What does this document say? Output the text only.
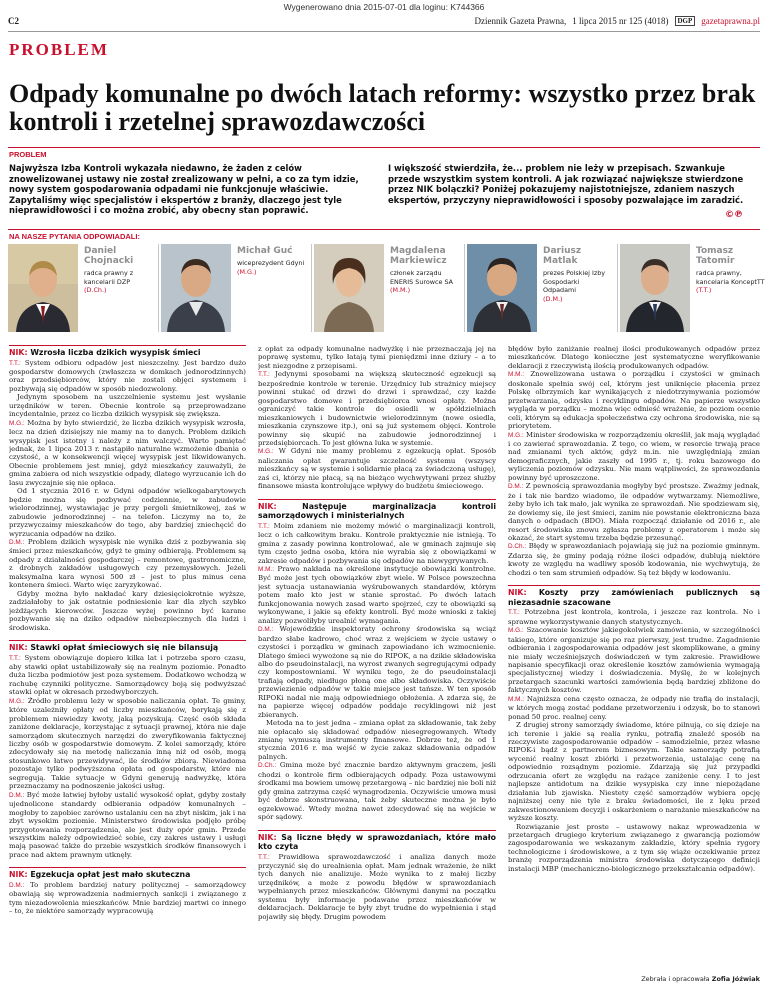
Wygenerowano dnia 2015-07-01 dla loginu: K744366
C2	Dziennik Gazeta Prawna, 1 lipca 2015 nr 125 (4018)	DGP	gazetaprawna.pl
PROBLEM
Odpady komunalne po dwóch latach reformy: wszystko przez brak kontroli i rzetelnej sprawozdawczości
PROBLEM

Najwyższa Izba Kontroli wykazała niedawno, że żaden z celów znowelizowanej ustawy nie został zrealizowany w pełni, a co za tym idzie, nowy system gospodarowania odpadami nie funkcjonuje właściwie. Zapytaliśmy więc specjalistów i ekspertów z branży, dlaczego jest tyle nieprawidłowości i co można zrobić, aby obecny stan poprawić.

I większość stwierdziła, że... problem nie leży w przepisach. Szwankuje przede wszystkim system kontroli. A jak rozwiązać największe stwierdzone przez NIK bolączki? Poniżej pokazujemy najistotniejsze, zdaniem naszych ekspertów, przyczyny nieprawidłowości i sposoby pozwalające im zaradzić.

©℗
NA NASZE PYTANIA ODPOWIADALI:
Daniel
Chojnacki
radca prawny z kancelarii DZP
(D.Ch.)
Michał Guć
wiceprezydent Gdyni
(M.G.)
Magdalena
Markiewicz
członek zarządu ENERIS Surowce SA
(M.M.)
Dariusz
Matlak
prezes Polskiej Izby Gospodarki Odpadami
(D.M.)
Tomasz Tatomir
radca prawny, kancelaria KonceptTT
(T.T.)
NIK: Wzrosła liczba dzikich wysypisk śmieci

T.T.: System odbioru odpadów jest nieszczelny. Jest bardzo dużo gospodarstw domowych (zwłaszcza w domkach jednorodzinnych) oraz przedsiębiorców, który nie zostali objęci systemem i pozbywają się odpadów w sposób niedozwolony.

Jedynym sposobem na uszczelnienie systemu jest wysłanie urzędników w teren. Obecnie kontrole są przeprowadzane incydentalnie, przez co liczba dzikich wysypisk się zwiększa.

M.G.: Można by było stwierdzić, że liczba dzikich wysypisk wzrosła, lecz na dzień dzisiejszy nie mamy na to danych. Problem dzikich wysypisk jest istotny i należy z nim walczyć. Warto pamiętać jednak, że 1 lipca 2013 r. nastąpiło naturalne wzmożenie dbania o czystość, a w konsekwencji więcej wysypisk jest likwidowanych. Obecnie problemem jest mniej, gdyż mieszkańcy zauważyli, że gmina zabiera od nich wszystkie odpady, dlatego wyrzucanie ich do lasu zwyczajnie się nie opłaca.

Od 1 stycznia 2016 r. w Gdyni odpadów wielkogabarytowych będzie można się pozbywać codziennie, w zabudowie wielorodzinnej, wystawiając je przy pergoli śmietnikowej, zaś w zabudowie jednorodzinnej – na telefon. Liczymy na to, że przyzwyczaimy mieszkańców do tego, aby bardziej zniechęcić do wyrzucania odpadów na dziko.

D.M.: Problem dzikich wysypisk nie wynika dziś z pozbywania się śmieci przez mieszkańców, gdyż te gminy odbierają. Problemem są odpady z działalności gospodarczej – remontowe, gastronomiczne, z drobnych zakładów usługowych czy przemysłowych. Jeżeli maksymalna kara wynosi 500 zł – jest to plus minus cena kontenera śmieci. Warto więc zaryzykować.

Gdyby można było nakładać kary dziesięciokrotnie wyższe, zadziałałoby to jak ostatnie podniesienie kar dla złych szybko jeżdżących kierowców. Jeszcze wyżej powinno być karane pozbywanie się na dziko odpadów niebezpiecznych dla ludzi i środowiska.

NIK: Stawki opłat śmieciowych się nie bilansują

T.T.: System obowiązuje dopiero kilka lat i potrzeba sporo czasu, aby stawki opłat ustabilizowały się na realnym poziomie. Ponadto duża liczba podmiotów jest poza systemem. Dodatkowo wchodzą w rachubę czynniki polityczne. Samorządowcy boją się podwyższać stawki opłat w okresach przedwyborczych.

M.G.: Źródło problemu leży w sposobie naliczania opłat. Te gminy, które uzależniły opłaty od liczby mieszkańców, borykają się z problemem niewiedzy kwoty, jaką pozyskują. Część osób składa zaniżone deklaracje, korzystając z sytuacji prawnej, która nie daje samorządom skutecznych narzędzi do zweryfikowania faktycznej liczby osób w gospodarstwie domowym. Z kolei samorządy, które zdecydowały się na metodę naliczania inną niż od osób, mogą stosunkowo łatwo przewidywać, ile środków zbiorą. Niewiadoma pozostaje tylko podwyższona opłata od gospodarstw, które nie segregują. Takie sytuacje w Gdyni generują nadwyżkę, która przeznaczamy na podnoszenie jakości usług.

D.M.: Być może łatwiej byłoby ustalić wysokość opłat, gdyby zostały ujednolicone standardy odbierania odpadów komunalnych – mogłoby to zapobiec zarówno ustalaniu cen na zbyt niskim, jak i na zbyt wysokim poziomie. Ministerstwo środowiska podjęło próbę przygotowania rozporządzenia, ale jest duży opór gmin. Przede wszystkim należy odpowiedzieć sobie, czy zakres ustawy i usługi mają pasować także do przebie wszystkich środków finansowych i prace nad aktem prawnym utknęły.

NIK: Egzekucja opłat jest mało skuteczna

D.M.: To problem bardziej natury politycznej – samorządowcy obawiają się wprowadzenia nadmiernych sankcji i związanego z tym niezadowolenia mieszkańców. Mnie bardziej martwi co innego – to, że niektóre samorządy wypracowują

z opłat za odpady komunalne nadwyżkę i nie przeznaczają jej na poprawę systemu, tylko łatają tymi pieniędzmi inne dziury – a to jest niezgodne z przepisami.

T.T.: Jedynymi sposobami na większą skuteczność egzekucji są bezpośrednie kontrole w terenie. Urzędnicy lub strażnicy miejscy powinni stukać od drzwi do drzwi i sprawdzać, czy każde gospodarstwo domowe i przedsiębiorca wnosi opłaty. Można ograniczyć takie kontrole do osiedli w spółdzielniach mieszkaniowych i budownictwie wielorodzinnym (nowe osiedla, mieszkania czynszowe itp.), oni są już systemem objęci. Kontrole powinny się skupić na zabudowie jednorodzinnej i przedsiębiorcach. To jest główna luka w systemie.

M.G.: W Gdyni nie mamy problemu z egzekucją opłat. Sposób naliczania opłat gwarantuje szczelność systemu (wszyscy mieszkańcy są w systemie i solidarnie płacą za świadczoną usługę), zaś ci, którzy nie płacą, są na bieżąco wychwytywani przez służby finansowe miasta kontrolujące wpływy do budżetu śmieciowego.

NIK:	Następuje marginalizacja kontroli samorządowych i ministerialnych

T.T.: Moim zdaniem nie możemy mówić o marginalizacji kontroli, lecz o ich całkowitym braku. Kontrole praktycznie nie istnieją. To gmina z zasady powinna kontrolować, ale w gminach zajmuje się tym często jedna osoba, która nie wyrabia się z obowiązkami w zakresie odpadów i pozbywania się odpadów na niewygrywanych.

M.M.: Prawo nakłada na określone instytucje obowiązki kontrolne. Być może jest tych obowiązków zbyt wiele. W Polsce powszechna jest sytuacja ustanawiania wyśrubowanych standardów, którym potem mało kto jest w stanie sprostać. Po dwóch latach funkcjonowania nowych zasad warto spojrzeć, czy te obowiązki są wykonywane, i jakie są efekty kontroli. Być może wnioski z takiej analizy pozwoliłyby urealnić wymagania.

D.M.: Wojewódzkie inspektoraty ochrony środowiska są wciąż bardzo słabe kadrowo, choć wraz z wejściem w życie ustawy o czystości i porządku w gminach zapowiadano ich wzmocnienie. Dlatego śmieci wywożone są nie do RIPOK, a na dzikie składowiska albo do pseudoinstalacji, na wyrost zwanych segregującymi odpady czy kompostowniami. W wyniku tego, że do pseudoinstalacji trafiają odpady, niedługo płoną one albo składowiska. Oczywiście przewiezienie odpadów w takie miejsce jest tańsze. W ten sposób RIPOKi nadal nie mają odpowiedniego obłożenia. A zdarza się, że na papierze więcej odpadów poddaje recyklingowi niż jest zbieranych.

Metoda na to jest jedna – zmiana opłat za składowanie, tak żeby nie opłacało się składować odpadów niesegregowanych. Wtedy zmianę wymuszą instrumenty finansowe. Dobrze też, że od 1 stycznia 2016 r. ma wejść w życie zakaz składowania odpadów palnych.

D.Ch.: Gmina może być znacznie bardzo aktywnym graczem, jeśli chodzi o kontrole firm odbierających odpady. Poza ustawowymi środkami ma bowiem umowę przetargową – nic bardziej nie boli niż gdy gmina zatrzyma część wynagrodzenia. Oczywiście umowa musi być dobrze skonstruowana, tak żeby skuteczne można je było egzekwować. Wtedy można nawet zdecydować się na wejście w spór sądowy.

NIK: Są liczne błędy w sprawozdaniach, które mało kto czyta

T.T.: Prawidłowa sprawozdawczość i analiza danych może przyczynić się do urealnienia opłat. Mam jednak wrażenie, że nikt tych danych nie analizuje. Może wynika to z małej liczby urzędników, a może z powodu błędów w sprawozdaniach wypełnianych przez mieszkańców. Głównymi danymi na początku systemu były informacje podawane przez mieszkańców w deklaracjach. Deklaracje te były zbyt trudne do wypełnienia i stąd pojawiły się błędy. Drugim powodem

błędów było zaniżanie realnej ilości produkowanych odpadów przez mieszkańców. Dlatego konieczne jest systematyczne weryfikowanie deklaracji z rzeczywistą ilością produkowanych odpadów.

M.M.: Znowelizowana ustawa o porządku i czystości w gminach doskonale spełnia swój cel, którym jest uniknięcie płacenia przez Polskę olbrzymich kar wynikających z niedotrzymywania poziomów przetwarzania, odzysku i recyklingu odpadów. Na papierze wszystko wygląda w porządku – można więc odnieść wrażenie, że poziom ocenie celi, którym są edukacja społeczeństwa czy ochrona środowiska, nie są priorytetem.

M.G.: Minister środowiska w rozporządzeniu określił, jak mają wyglądać i co zawierać sprawozdania. Z tego, co wiem, w resorcie trwają prace nad zmianami tych aktów, gdyż m.in. nie uwzględniają zmian demograficznych, jakie zaszły od 1995 r., tj. roku bazowego do wyliczenia poziomów odzysku. Nie mam wątpliwości, że sprawozdania powinny być uproszczone.

D.M.: Z pewnością sprawozdania mogłyby być prostsze. Zważmy jednak, że i tak nie bardzo wiadomo, ile odpadów wytwarzamy. Niemożliwe, żeby było ich tak mało, jak wynika ze sprawozdań. Nie spodziewam się, że dowiemy się, ile jest śmieci, zanim nie powstanie elektroniczna baza danych o odpadach (BDO). Miała rozpocząć działanie od 2016 r., ale resort środowiska znowu zgłasza problemy z operatorem i może się okazać, że start systemu trzeba będzie przesunąć.

D.Ch.: Błędy w sprawozdaniach pojawiają się już na poziomie gminnym. Zdarza się, że gminy podają różne ilości odpadów, dublują niektóre kwoty ze względu na wadliwy sposób kodowania, nie wychwytują, że chodzi o ten sam strumień odpadów. Są też błędy w kodowaniu.

NIK: Koszty przy zamówieniach publicznych są niezasadnie szacowane

T.T.: Potrzebna jest kontrola, kontrola, i jeszcze raz kontrola. No i sprawne wykorzystywanie danych statystycznych.

M.G.: Szacowanie kosztów jakiegokolwiek zamówienia, w szczególności takiego, które organizuje się po raz pierwszy, jest trudne. Zagadnienie odbierania i zagospodarowania odpadów jest skomplikowane, a gminy nie miały wcześniejszych doświadczeń w tym zakresie. Prawidłowe napisanie specyfikacji oraz określenie kosztów zamówienia wymagają specjalistycznej wiedzy i doświadczenia. Myślę, że w kolejnych przetargach szacunki wartości zamówienia będą bardziej zbliżone do faktycznych kosztów.

M.M.: Najniższa cena często oznacza, że odpady nie trafią do instalacji, w których mogą zostać poddane przetworzeniu i odzysk, bo to stanowi ponad 50 proc. realnej ceny.

Z drugiej strony samorządy świadome, które pilnują, co się dzieje na ich terenie i jakie są realia rynku, potrafią znaleźć sposób na rzeczywiste zagospodarowanie odpadów – samodzielnie, przez własne RIPOK-i bądź z partnerem biznesowym. Takie samorządy potrafią wycenić realny koszt zbiórki i przetworzenia, ustalając cenę na odpowiednio rozsądnym poziomie. Zdarzają się już przypadki odrzucania ofert ze względu na rażące zaniżenie ceny. I to jest najlepsze antidotum na dzikie wysypiska czy inne niepożądane działania lub zjawiska. Niestety część samorządów wybiera opcję najniższej ceny nie tyle z braku świadomości, ile z lęku przed zakwestionowaniem decyzji i oskarżeniem o narażanie mieszkańców na wyższe koszty.

Rozwiązanie jest proste – ustawowy nakaz wprowadzenia w przetargach drugiego kryterium związanego z gwarancją poziomów zagospodarowania we wskazanym zakładzie, który spełnia rygory technologiczne i środowiskowe, a z tym się wiąże oczekiwanie przez branżę rozporządzenia ministra środowiska dotyczącego definicji instalacji MBP (mechaniczno-biologicznego przekształcania odpadów).

Zebrała i opracowała Zofia Jóźwiak
